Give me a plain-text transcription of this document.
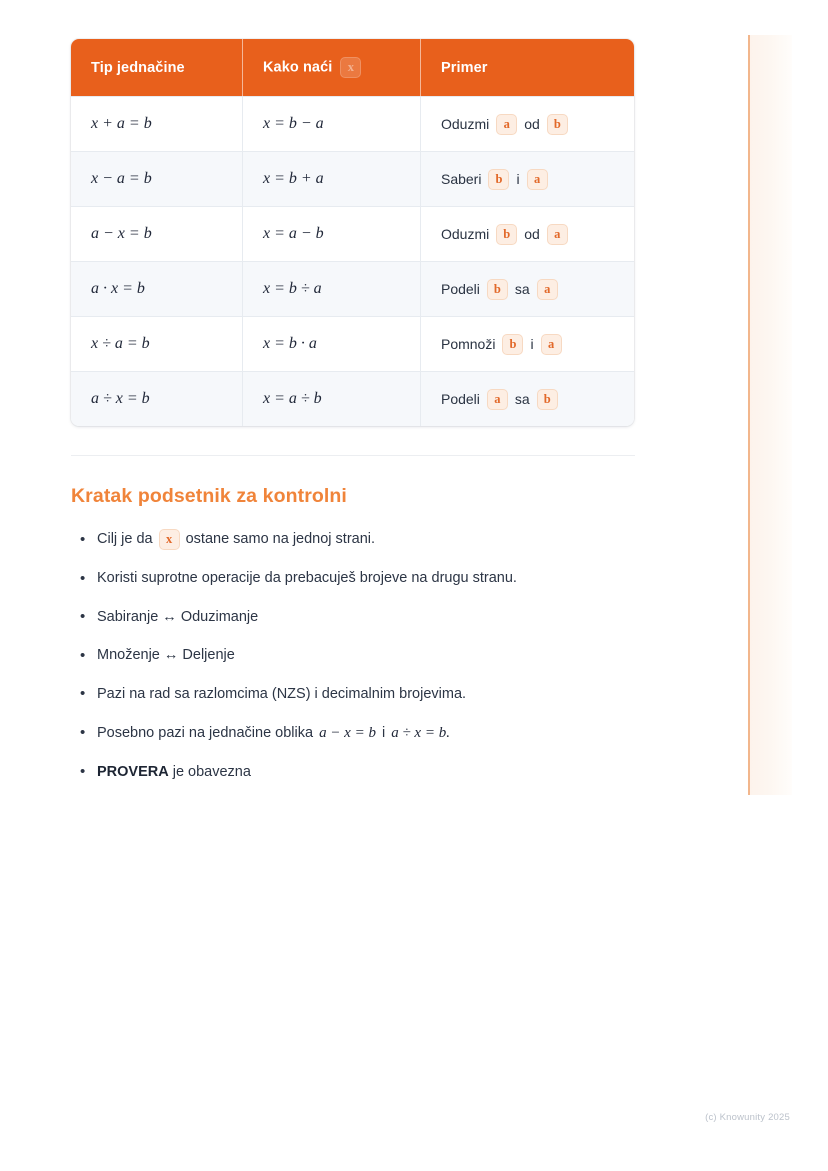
Tip jednačine	Kako naći x	Primer
x + a = b	x = b − a	Oduzmi a od b

x − a = b	x = b + a	Saberi b i a

a − x = b	x = a − b	Oduzmi b od a

a · x = b	x = b ÷ a	Podeli b sa a

x ÷ a = b	x = b · a	Pomnoži b i a

a ÷ x = b	x = a ÷ b	Podeli a sa b
Kratak podsetnik za kontrolni
• Cilj je da	x ostane samo na jednoj strani.
• Koristi suprotne operacije da prebacuješ brojeve na drugu stranu.
• Sabiranje ↔ Oduzimanje
• Množenje ↔ Deljenje
• Pazi na rad sa razlomcima (NZS) i decimalnim brojevima.
• Posebno pazi na jednačine oblika a − x = b i a ÷ x = b.
• PROVERA je obavezna
(c) Knowunity 2025
